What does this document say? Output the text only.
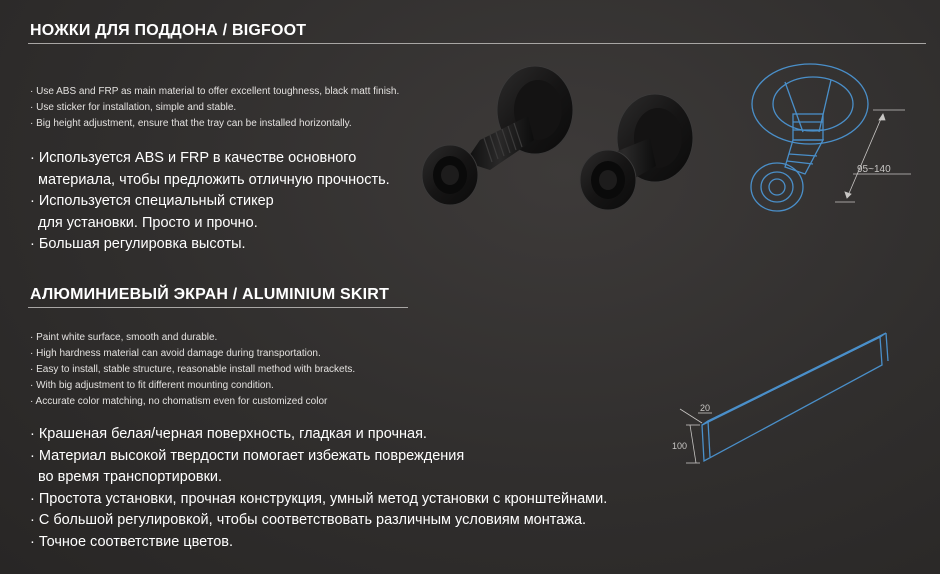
НОЖКИ ДЛЯ ПОДДОНА / BIGFOOT
· Use ABS and FRP as main material to offer excellent toughness, black matt finish.
· Use sticker for installation, simple and stable.
· Big height adjustment, ensure that the tray can be installed horizontally.
· Используется ABS и FRP в качестве основного
материала, чтобы предложить отличную прочность.
· Используется специальный стикер
для установки. Просто и прочно.
· Большая регулировка высоты.
95~140
АЛЮМИНИЕВЫЙ ЭКРАН / ALUMINIUM SKIRT
· Paint white surface, smooth and durable.
· High hardness material can avoid damage during transportation.
· Easy to install, stable structure, reasonable install method with brackets.
· With big adjustment to fit different mounting condition.
· Accurate color matching, no chomatism even for customized color
· Крашеная белая/черная поверхность, гладкая и прочная.
· Материал высокой твердости помогает избежать повреждения
во время транспортировки.
· Простота установки, прочная конструкция, умный метод установки с кронштейнами.
· С большой регулировкой, чтобы соответствовать различным условиям монтажа.
· Точное соответствие цветов.
20
100
